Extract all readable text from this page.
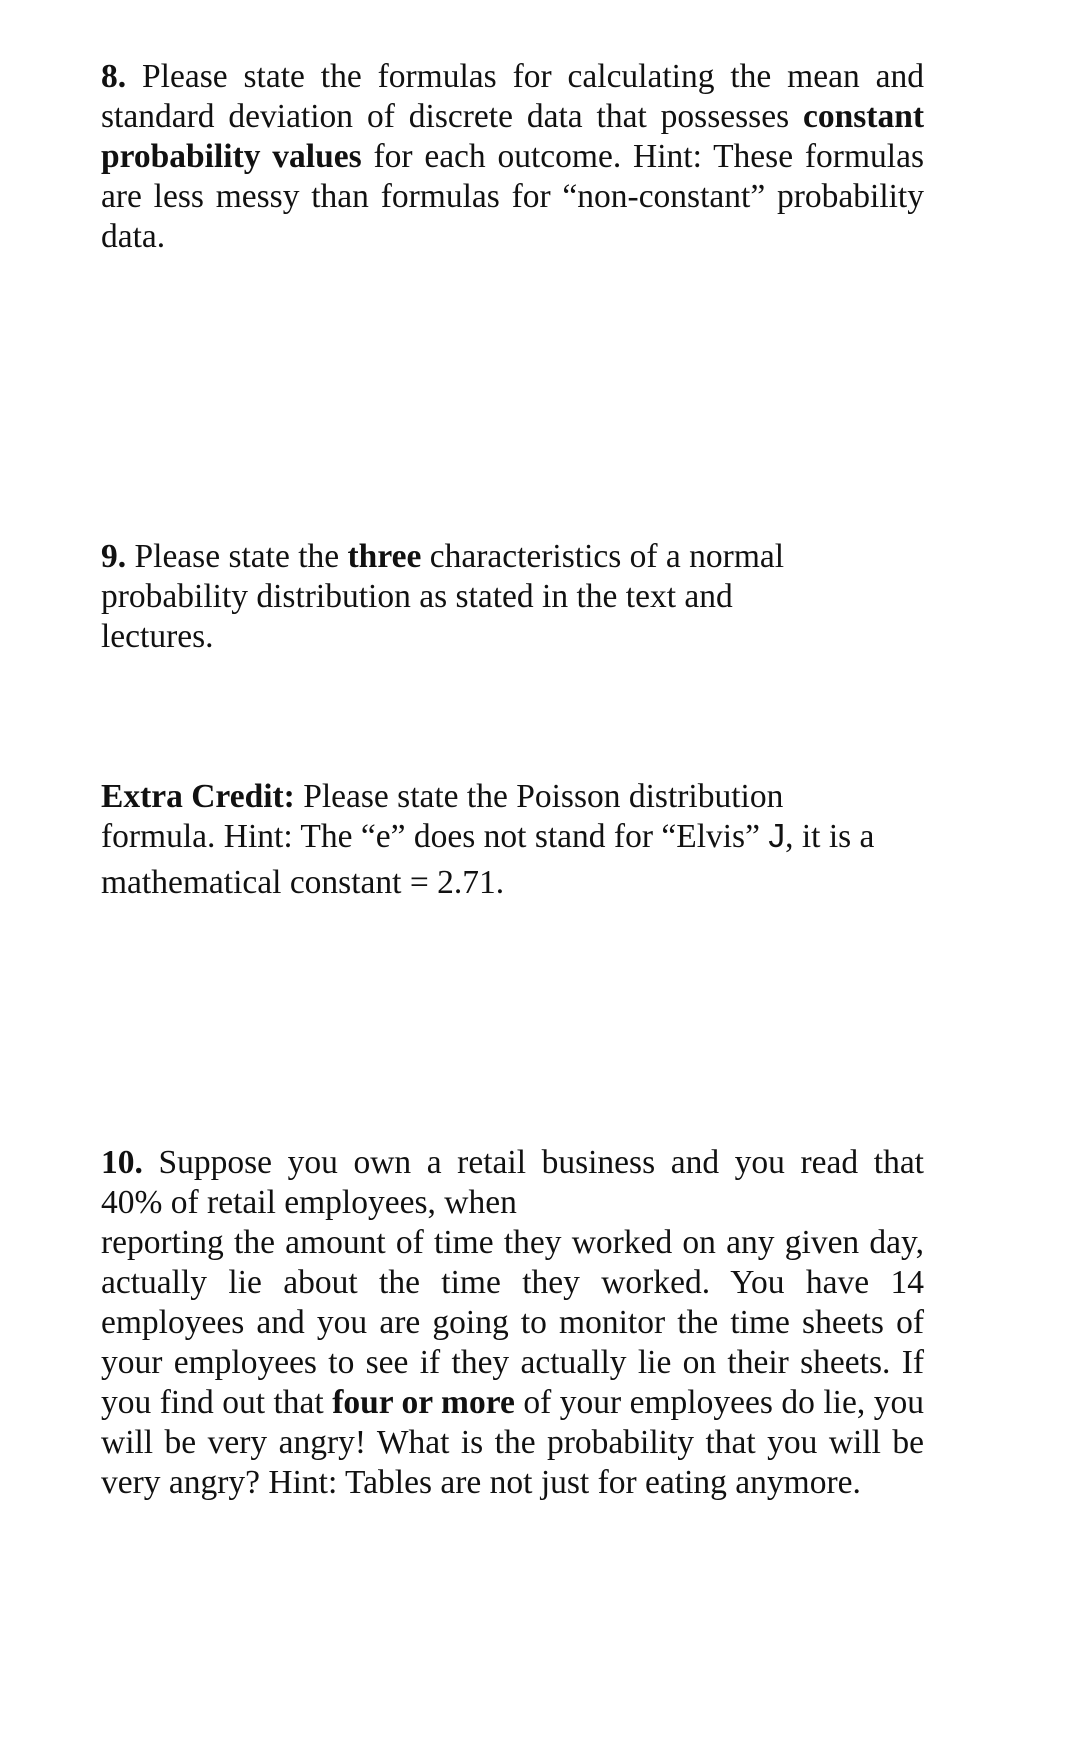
8. Please state the formulas for calculating the mean and standard deviation of discrete data that possesses constant probability values for each outcome. Hint: These formulas are less messy than formulas for “non-constant” probability data.
9. Please state the three characteristics of a normal
probability distribution as stated in the text and
lectures.
Extra Credit: Please state the Poisson distribution
formula. Hint: The “e” does not stand for “Elvis” J, it is a
mathematical constant = 2.71.
10. Suppose you own a retail business and you read that
40% of retail employees, when
reporting the amount of time they worked on any given day, actually lie about the time they worked. You have 14 employees and you are going to monitor the time sheets of your employees to see if they actually lie on their sheets. If you find out that four or more of your employees do lie, you will be very angry! What is the probability that you will be very angry? Hint: Tables are not just for eating anymore.
